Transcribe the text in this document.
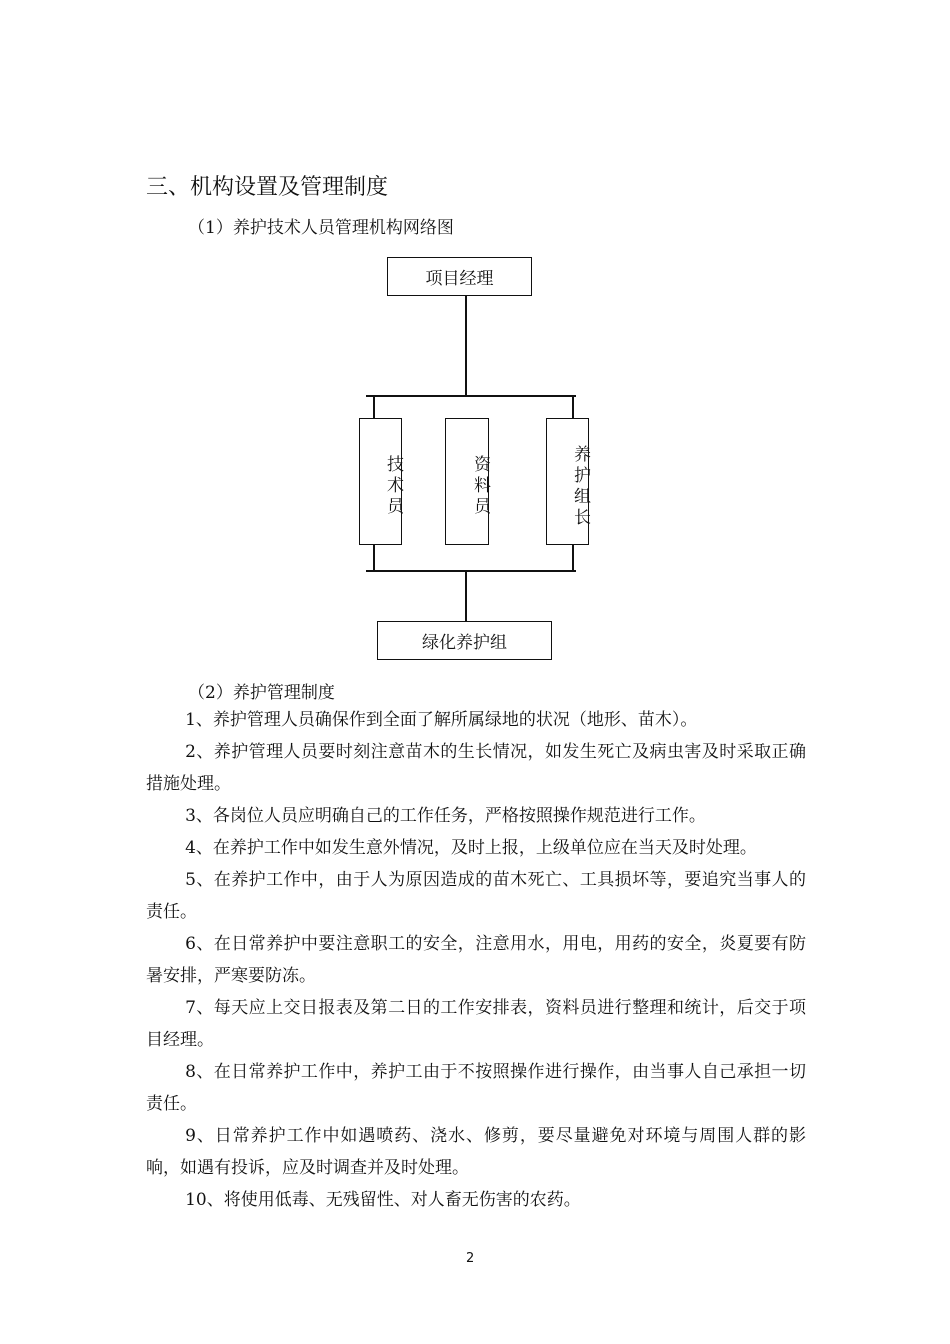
三、机构设置及管理制度
（1）养护技术人员管理机构网络图
项目经理
技术员	资料员	养护组长
绿化养护组
（2）养护管理制度

1、养护管理人员确保作到全面了解所属绿地的状况（地形、苗木）。

2、养护管理人员要时刻注意苗木的生长情况，如发生死亡及病虫害及时采取正确措施处理。

3、各岗位人员应明确自己的工作任务，严格按照操作规范进行工作。

4、在养护工作中如发生意外情况，及时上报，上级单位应在当天及时处理。

5、在养护工作中，由于人为原因造成的苗木死亡、工具损坏等，要追究当事人的责任。

6、在日常养护中要注意职工的安全，注意用水，用电，用药的安全，炎夏要有防暑安排，严寒要防冻。

7、每天应上交日报表及第二日的工作安排表，资料员进行整理和统计，后交于项目经理。

8、在日常养护工作中，养护工由于不按照操作进行操作，由当事人自己承担一切责任。

9、日常养护工作中如遇喷药、浇水、修剪，要尽量避免对环境与周围人群的影响，如遇有投诉，应及时调查并及时处理。

10、将使用低毒、无残留性、对人畜无伤害的农药。

2
